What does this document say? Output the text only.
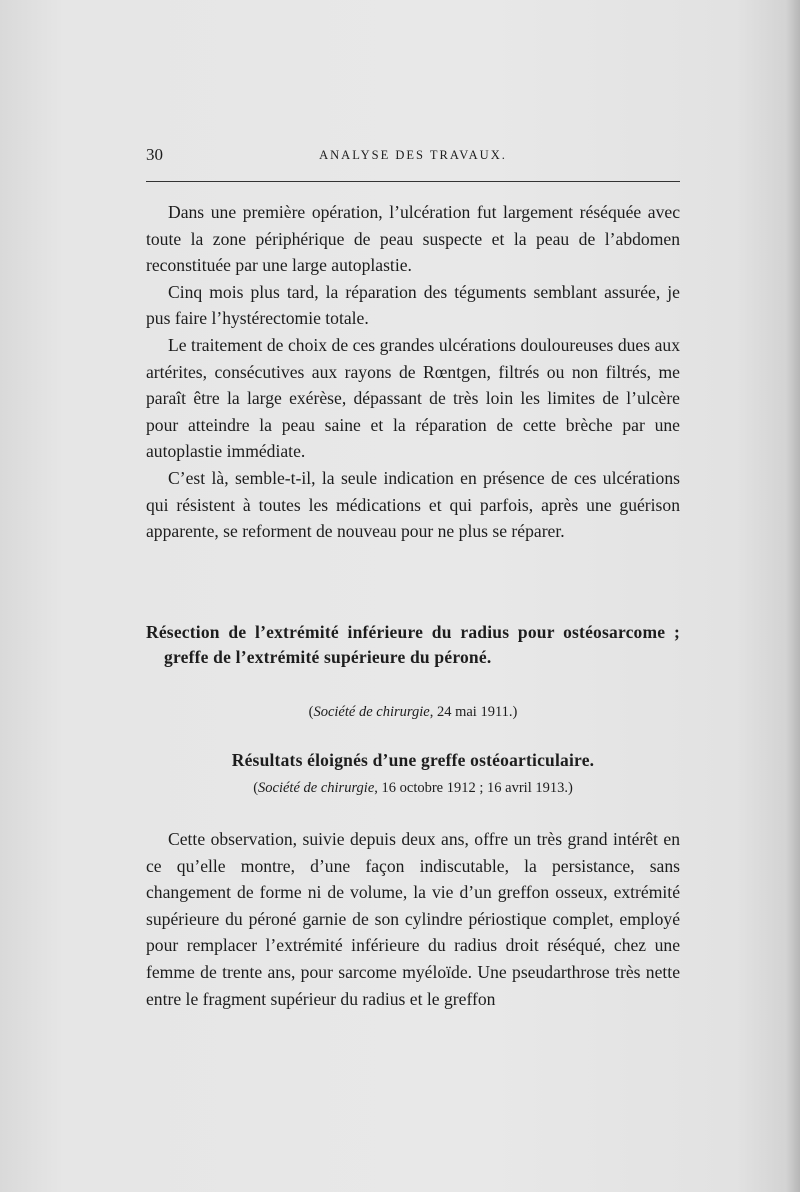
30	ANALYSE DES TRAVAUX.

Dans une première opération, l’ulcération fut largement réséquée avec toute la zone périphérique de peau suspecte et la peau de l’abdomen reconstituée par une large autoplastie.

Cinq mois plus tard, la réparation des téguments semblant assurée, je pus faire l’hystérectomie totale.

Le traitement de choix de ces grandes ulcérations douloureuses dues aux artérites, consécutives aux rayons de Rœntgen, filtrés ou non filtrés, me paraît être la large exérèse, dépassant de très loin les limites de l’ulcère pour atteindre la peau saine et la réparation de cette brèche par une autoplastie immédiate.

C’est là, semble-t-il, la seule indication en présence de ces ulcérations qui résistent à toutes les médications et qui parfois, après une guérison apparente, se reforment de nouveau pour ne plus se réparer.

Résection de l’extrémité inférieure du radius pour ostéosarcome ; greffe de l’extrémité supérieure du péroné.
(Société de chirurgie, 24 mai 1911.)
Résultats éloignés d’une greffe ostéoarticulaire.
(Société de chirurgie, 16 octobre 1912 ; 16 avril 1913.)

Cette observation, suivie depuis deux ans, offre un très grand intérêt en ce qu’elle montre, d’une façon indiscutable, la persistance, sans changement de forme ni de volume, la vie d’un greffon osseux, extrémité supérieure du péroné garnie de son cylindre périostique complet, employé pour remplacer l’extrémité inférieure du radius droit réséqué, chez une femme de trente ans, pour sarcome myéloïde. Une pseudarthrose très nette entre le fragment supérieur du radius et le greffon
